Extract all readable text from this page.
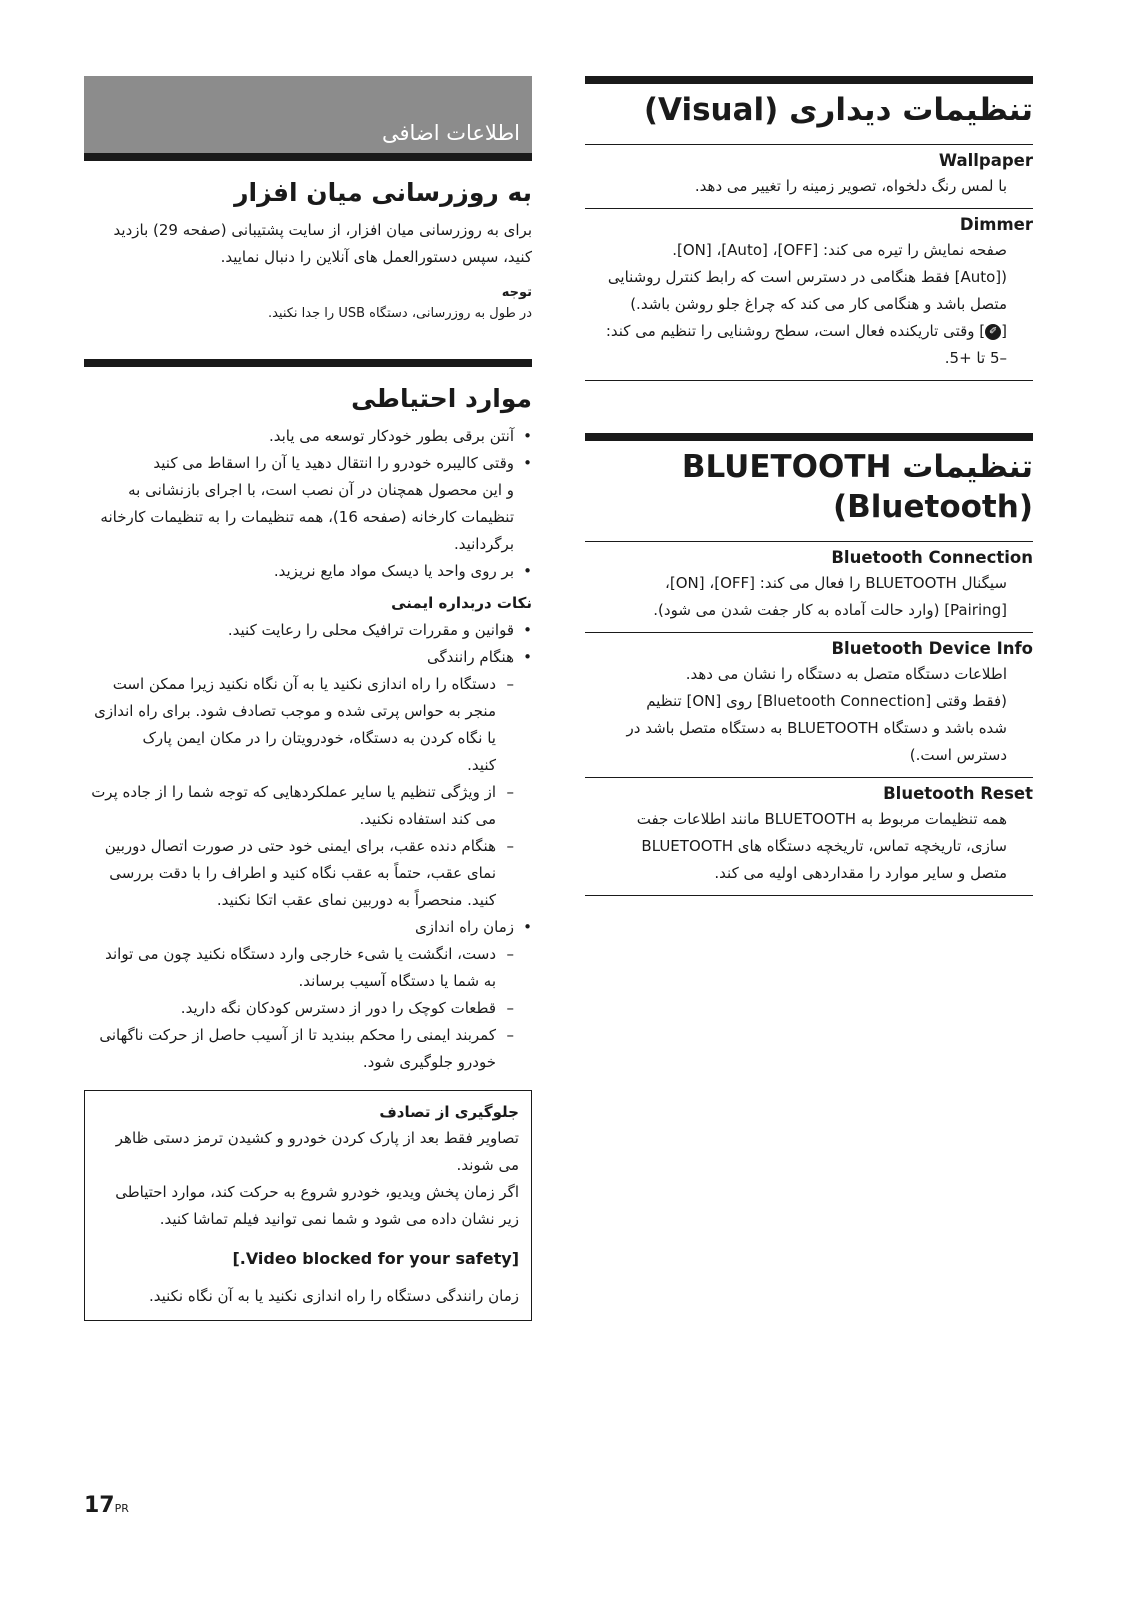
تنظیمات دیداری (Visual)
Wallpaper
با لمس رنگ دلخواه، تصویر زمینه را تغییر می دهد.
Dimmer
صفحه نمایش را تیره می کند: [OFF]، [Auto]، [ON].
([Auto] فقط هنگامی در دسترس است که رابط کنترل روشنایی
متصل باشد و هنگامی کار می کند که چراغ جلو روشن باشد.)
[✐] وقتی تاریکنده فعال است، سطح روشنایی را تنظیم می کند:
–5 تا +5.
تنظیمات BLUETOOTH (Bluetooth)
Bluetooth Connection
سیگنال BLUETOOTH را فعال می کند: [OFF]، [ON]،
[Pairing] (وارد حالت آماده به کار جفت شدن می شود).
Bluetooth Device Info
اطلاعات دستگاه متصل به دستگاه را نشان می دهد.
(فقط وقتی [Bluetooth Connection] روی [ON] تنظیم
شده باشد و دستگاه BLUETOOTH به دستگاه متصل باشد در
دسترس است.)
Bluetooth Reset
همه تنظیمات مربوط به BLUETOOTH مانند اطلاعات جفت
سازی، تاریخچه تماس، تاریخچه دستگاه های BLUETOOTH
متصل و سایر موارد را مقداردهی اولیه می کند.
اطلاعات اضافی
به روزرسانی میان افزار

برای به روزرسانی میان افزار، از سایت پشتیبانی (صفحه 29) بازدید

کنید، سپس دستورالعمل های آنلاین را دنبال نمایید.

توجه
در طول به روزرسانی، دستگاه USB را جدا نکنید.
موارد احتیاطی
• آنتن برقی بطور خودکار توسعه می یابد.
• وقتی کالیبره خودرو را انتقال دهید یا آن را اسقاط می کنید
و این محصول همچنان در آن نصب است، با اجرای بازنشانی به
تنظیمات کارخانه (صفحه 16)، همه تنظیمات را به تنظیمات کارخانه
برگردانید.
• بر روی واحد یا دیسک مواد مایع نریزید.
نکات دربداره ایمنی
• قوانین و مقررات ترافیک محلی را رعایت کنید.
• هنگام رانندگی
– دستگاه را راه اندازی نکنید یا به آن نگاه نکنید زیرا ممکن است
منجر به حواس پرتی شده و موجب تصادف شود. برای راه اندازی
یا نگاه کردن به دستگاه، خودرویتان را در مکان ایمن پارک
کنید.
– از ویژگی تنظیم یا سایر عملکردهایی که توجه شما را از جاده پرت
می کند استفاده نکنید.
– هنگام دنده عقب، برای ایمنی خود حتی در صورت اتصال دوربین
نمای عقب، حتماً به عقب نگاه کنید و اطراف را با دقت بررسی
کنید. منحصراً به دوربین نمای عقب اتکا نکنید.
• زمان راه اندازی
– دست، انگشت یا شیء خارجی وارد دستگاه نکنید چون می تواند
به شما یا دستگاه آسیب برساند.
– قطعات کوچک را دور از دسترس کودکان نگه دارید.
– کمربند ایمنی را محکم ببندید تا از آسیب حاصل از حرکت ناگهانی
خودرو جلوگیری شود.
جلوگیری از تصادف
تصاویر فقط بعد از پارک کردن خودرو و کشیدن ترمز دستی ظاهر
می شوند.
اگر زمان پخش ویدیو، خودرو شروع به حرکت کند، موارد احتیاطی
زیر نشان داده می شود و شما نمی توانید فیلم تماشا کنید.
[Video blocked for your safety.]
زمان رانندگی دستگاه را راه اندازی نکنید یا به آن نگاه نکنید.
17PR
